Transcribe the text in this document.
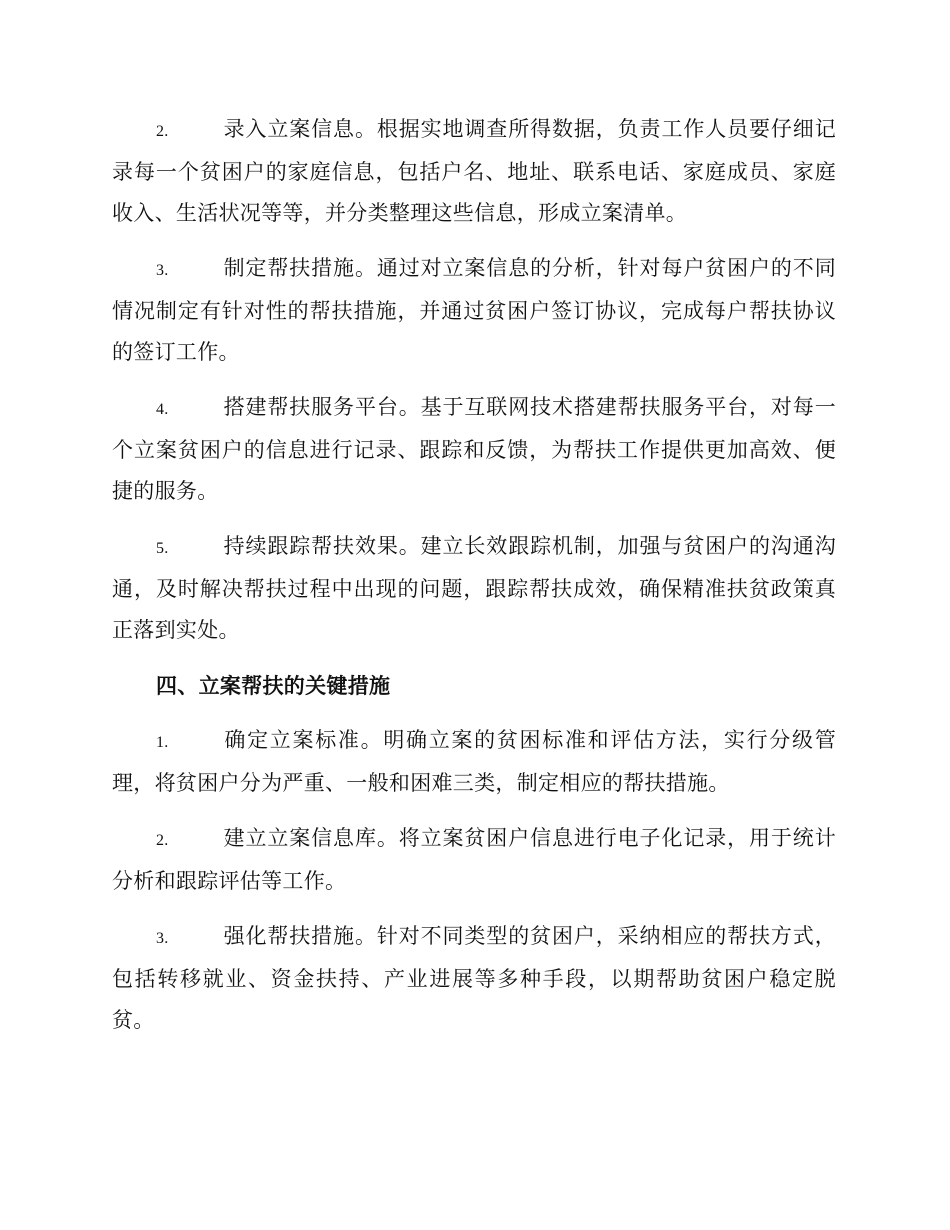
2.	录入立案信息。根据实地调查所得数据，负责工作人员要仔细记录每一个贫困户的家庭信息，包括户名、地址、联系电话、家庭成员、家庭收入、生活状况等等，并分类整理这些信息，形成立案清单。

3.	制定帮扶措施。通过对立案信息的分析，针对每户贫困户的不同情况制定有针对性的帮扶措施，并通过贫困户签订协议，完成每户帮扶协议的签订工作。

4.	搭建帮扶服务平台。基于互联网技术搭建帮扶服务平台，对每一个立案贫困户的信息进行记录、跟踪和反馈，为帮扶工作提供更加高效、便捷的服务。

5.	持续跟踪帮扶效果。建立长效跟踪机制，加强与贫困户的沟通沟通，及时解决帮扶过程中出现的问题，跟踪帮扶成效，确保精准扶贫政策真正落到实处。

四、立案帮扶的关键措施

1.	确定立案标准。明确立案的贫困标准和评估方法，实行分级管理，将贫困户分为严重、一般和困难三类，制定相应的帮扶措施。

2.	建立立案信息库。将立案贫困户信息进行电子化记录，用于统计分析和跟踪评估等工作。

3.	强化帮扶措施。针对不同类型的贫困户，采纳相应的帮扶方式，包括转移就业、资金扶持、产业进展等多种手段，以期帮助贫困户稳定脱贫。
